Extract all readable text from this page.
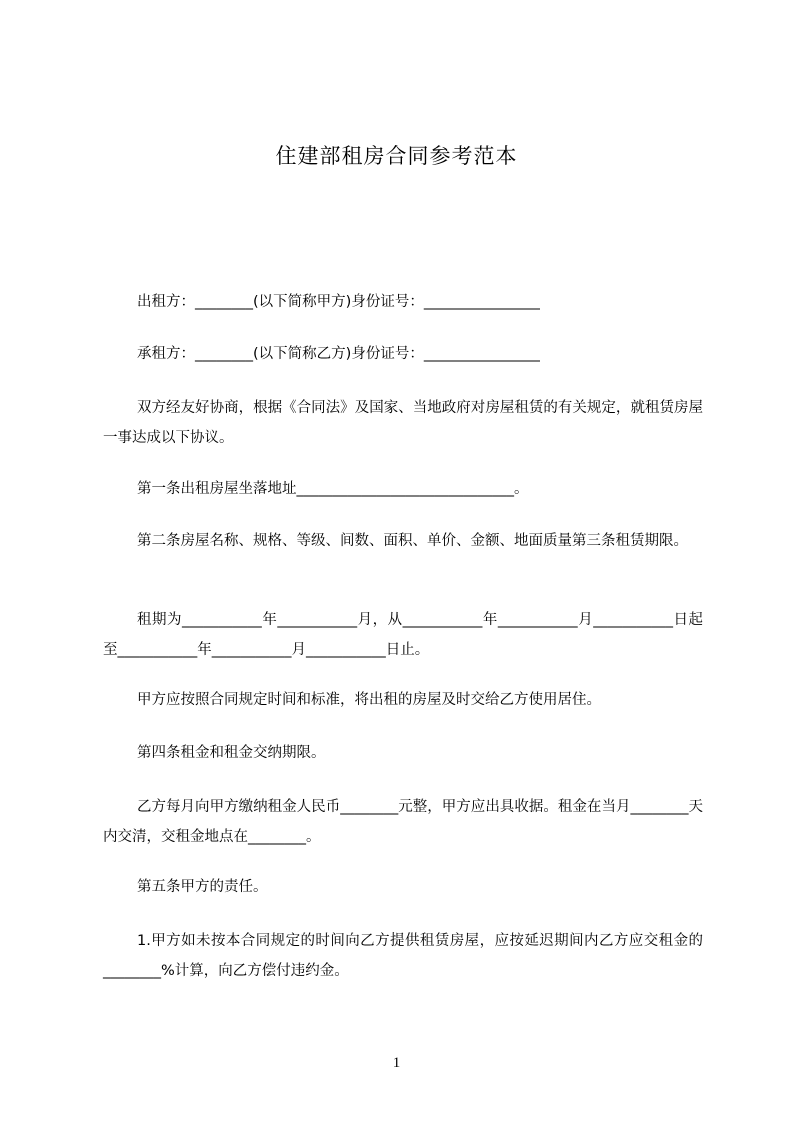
住建部租房合同参考范本

出租方：________(以下简称甲方)身份证号：________________

承租方：________(以下简称乙方)身份证号：________________

双方经友好协商，根据《合同法》及国家、当地政府对房屋租赁的有关规定，就租赁房屋一事达成以下协议。

第一条出租房屋坐落地址______________________________。

第二条房屋名称、规格、等级、间数、面积、单价、金额、地面质量第三条租赁期限。

租期为___________年___________月，从___________年___________月___________日起至___________年___________月___________日止。

甲方应按照合同规定时间和标准，将出租的房屋及时交给乙方使用居住。

第四条租金和租金交纳期限。

乙方每月向甲方缴纳租金人民币________元整，甲方应出具收据。租金在当月________天内交清，交租金地点在________。

第五条甲方的责任。

1.甲方如未按本合同规定的时间向乙方提供租赁房屋，应按延迟期间内乙方应交租金的________%计算，向乙方偿付违约金。

1
